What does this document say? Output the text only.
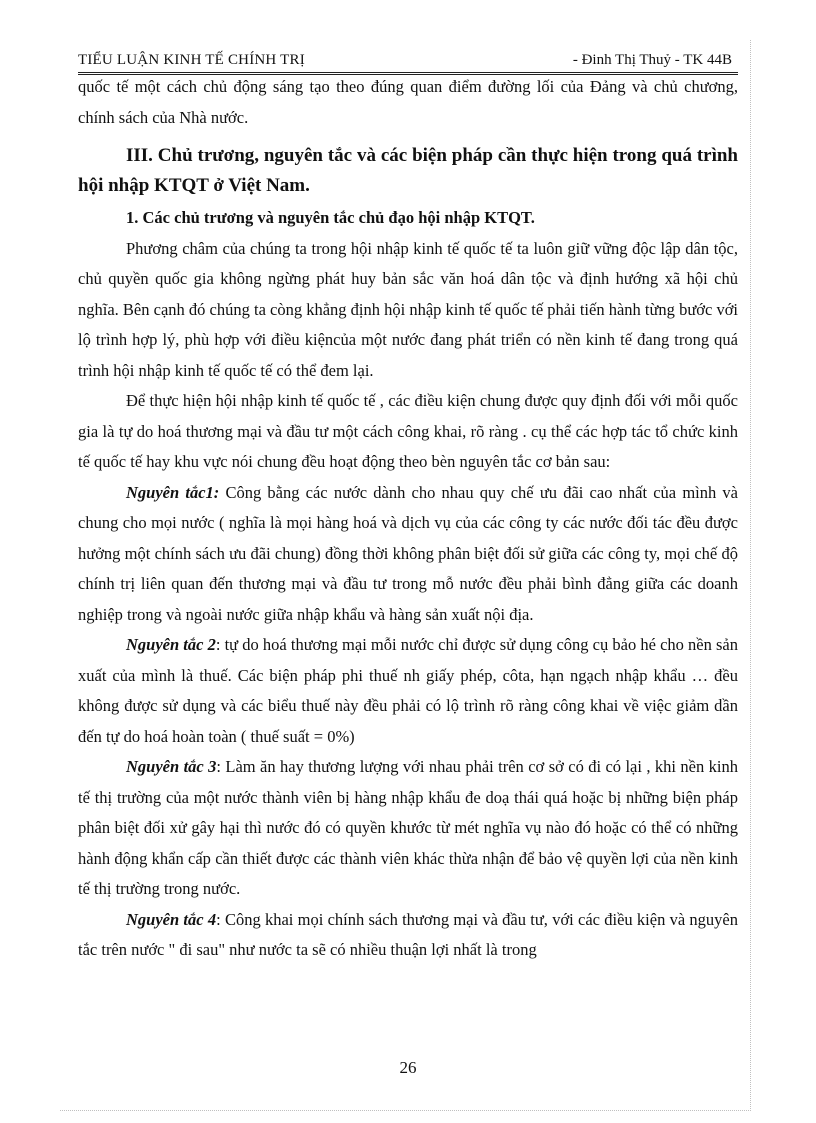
TIỂU LUẬN KINH TẾ CHÍNH TRỊ	- Đinh Thị Thuỷ - TK 44B

quốc tế một cách chủ động sáng tạo theo đúng quan điểm đường lối của Đảng và chủ chương, chính sách của Nhà nước.

III. Chủ trương, nguyên tắc và các biện pháp cần thực hiện trong quá trình hội nhập KTQT ở Việt Nam.

1. Các chủ trương và nguyên tắc chủ đạo hội nhập KTQT.

Phương châm của chúng ta trong hội nhập kinh tế quốc tế ta luôn giữ vững độc lập dân tộc, chủ quyền quốc gia không ngừng phát huy bản sắc văn hoá dân tộc và định hướng xã hội chủ nghĩa. Bên cạnh đó chúng ta còng khẳng định hội nhập kinh tế quốc tế phải tiến hành từng bước với lộ trình hợp lý, phù hợp với điều kiệncủa một nước đang phát triển có nền kinh tế đang trong quá trình hội nhập kinh tế quốc tế có thể đem lại.

Để thực hiện hội nhập kinh tế quốc tế , các điều kiện chung được quy định đối với mỗi quốc gia là tự do hoá thương mại và đầu tư một cách công khai, rõ ràng . cụ thể các hợp tác tổ chức kinh tế quốc tế hay khu vực nói chung đều hoạt động theo bèn nguyên tắc cơ bản sau:

Nguyên tắc1: Công bằng các nước dành cho nhau quy chế ưu đãi cao nhất của mình và chung cho mọi nước ( nghĩa là mọi hàng hoá và dịch vụ của các công ty các nước đối tác đều được hưởng một chính sách ưu đãi chung) đồng thời không phân biệt đối sử giữa các công ty, mọi chế độ chính trị liên quan đến thương mại và đầu tư trong mỗ nước đều phải bình đẳng giữa các doanh nghiệp trong và ngoài nước giữa nhập khẩu và hàng sản xuất nội địa.

Nguyên tắc 2: tự do hoá thương mại mỗi nước chỉ được sử dụng công cụ bảo hé cho nền sản xuất của mình là thuế. Các biện pháp phi thuế nh giấy phép, côta, hạn ngạch nhập khẩu … đều không được sử dụng và các biểu thuế này đều phải có lộ trình rõ ràng công khai về việc giảm dần đến tự do hoá hoàn toàn ( thuế suất = 0%)

Nguyên tắc 3: Làm ăn hay thương lượng với nhau phải trên cơ sở có đi có lại , khi nền kinh tế thị trường của một nước thành viên bị hàng nhập khẩu đe doạ thái quá hoặc bị những biện pháp phân biệt đối xử gây hại thì nước đó có quyền khước từ mét nghĩa vụ nào đó hoặc có thể có những hành động khẩn cấp cần thiết được các thành viên khác thừa nhận để bảo vệ quyền lợi của nền kinh tế thị trường trong nước.

Nguyên tắc 4: Công khai mọi chính sách thương mại và đầu tư, với các điều kiện và nguyên tắc trên nước " đi sau" như nước ta sẽ có nhiều thuận lợi nhất là trong

26
